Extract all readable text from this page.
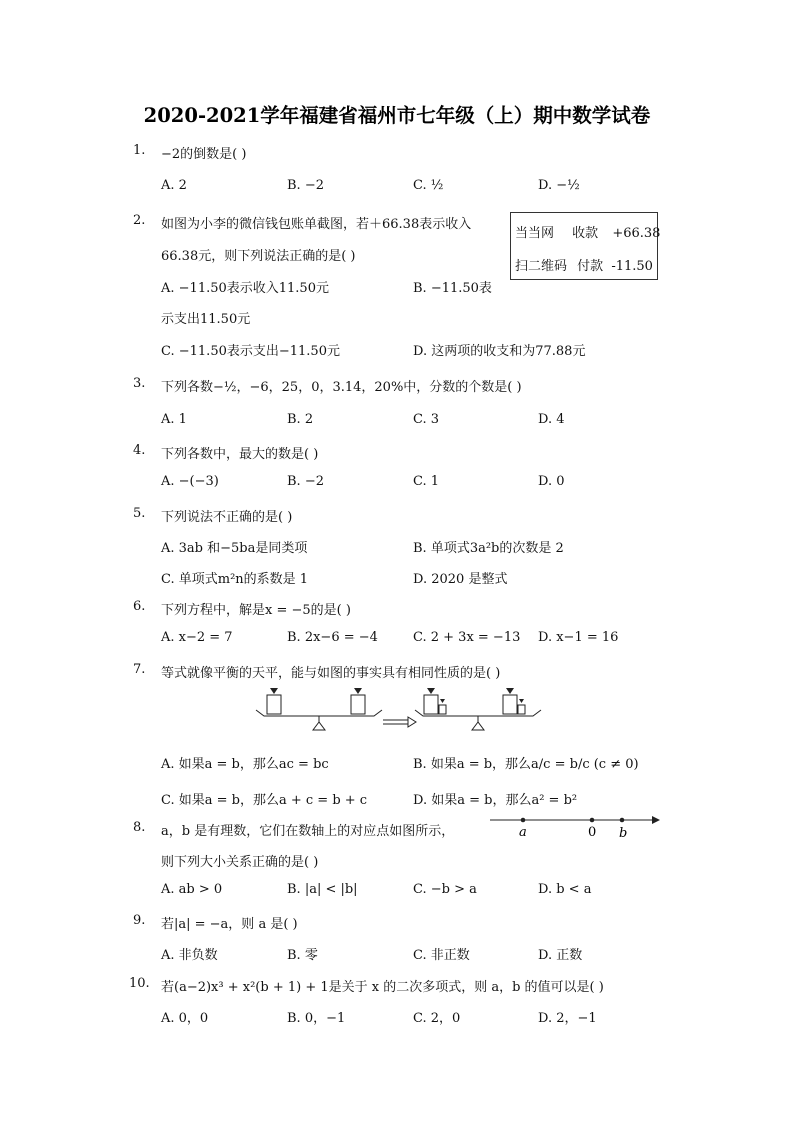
2020-2021学年福建省福州市七年级（上）期中数学试卷
1. −2的倒数是( )
A. 2	B. −2	C. ½	D. −½
2. 如图为小李的微信钱包账单截图，若＋66.38表示收入
66.38元，则下列说法正确的是( )
当当网 收款 +66.38
扫二维码 付款 -11.50
A. −11.50表示收入11.50元	B. −11.50表
示支出11.50元
C. −11.50表示支出−11.50元	D. 这两项的收支和为77.88元
3. 下列各数−½，−6，25，0，3.14，20%中，分数的个数是( )
A. 1	B. 2	C. 3	D. 4
4. 下列各数中，最大的数是( )
A. −(−3)	B. −2	C. 1	D. 0
5. 下列说法不正确的是( )
A. 3ab 和−5ba是同类项	B. 单项式3a²b的次数是 2
C. 单项式m²n的系数是 1	D. 2020 是整式
6. 下列方程中，解是x = −5的是( )
A. x−2 = 7	B. 2x−6 = −4	C. 2 + 3x = −13 D. x−1 = 16
7. 等式就像平衡的天平，能与如图的事实具有相同性质的是( )
A. 如果a = b，那么ac = bc	B. 如果a = b，那么a/c = b/c (c ≠ 0)
C. 如果a = b，那么a + c = b + c	D. 如果a = b，那么a² = b²
8. a，b 是有理数，它们在数轴上的对应点如图所示，
则下列大小关系正确的是( )
a	0 b
A. ab > 0	B. |a| < |b|	C. −b > a	D. b < a
9. 若|a| = −a，则 a 是( )
A. 非负数	B. 零	C. 非正数	D. 正数
10. 若(a−2)x³ + x²(b + 1) + 1是关于 x 的二次多项式，则 a，b 的值可以是( )
A. 0，0	B. 0，−1	C. 2，0	D. 2，−1
